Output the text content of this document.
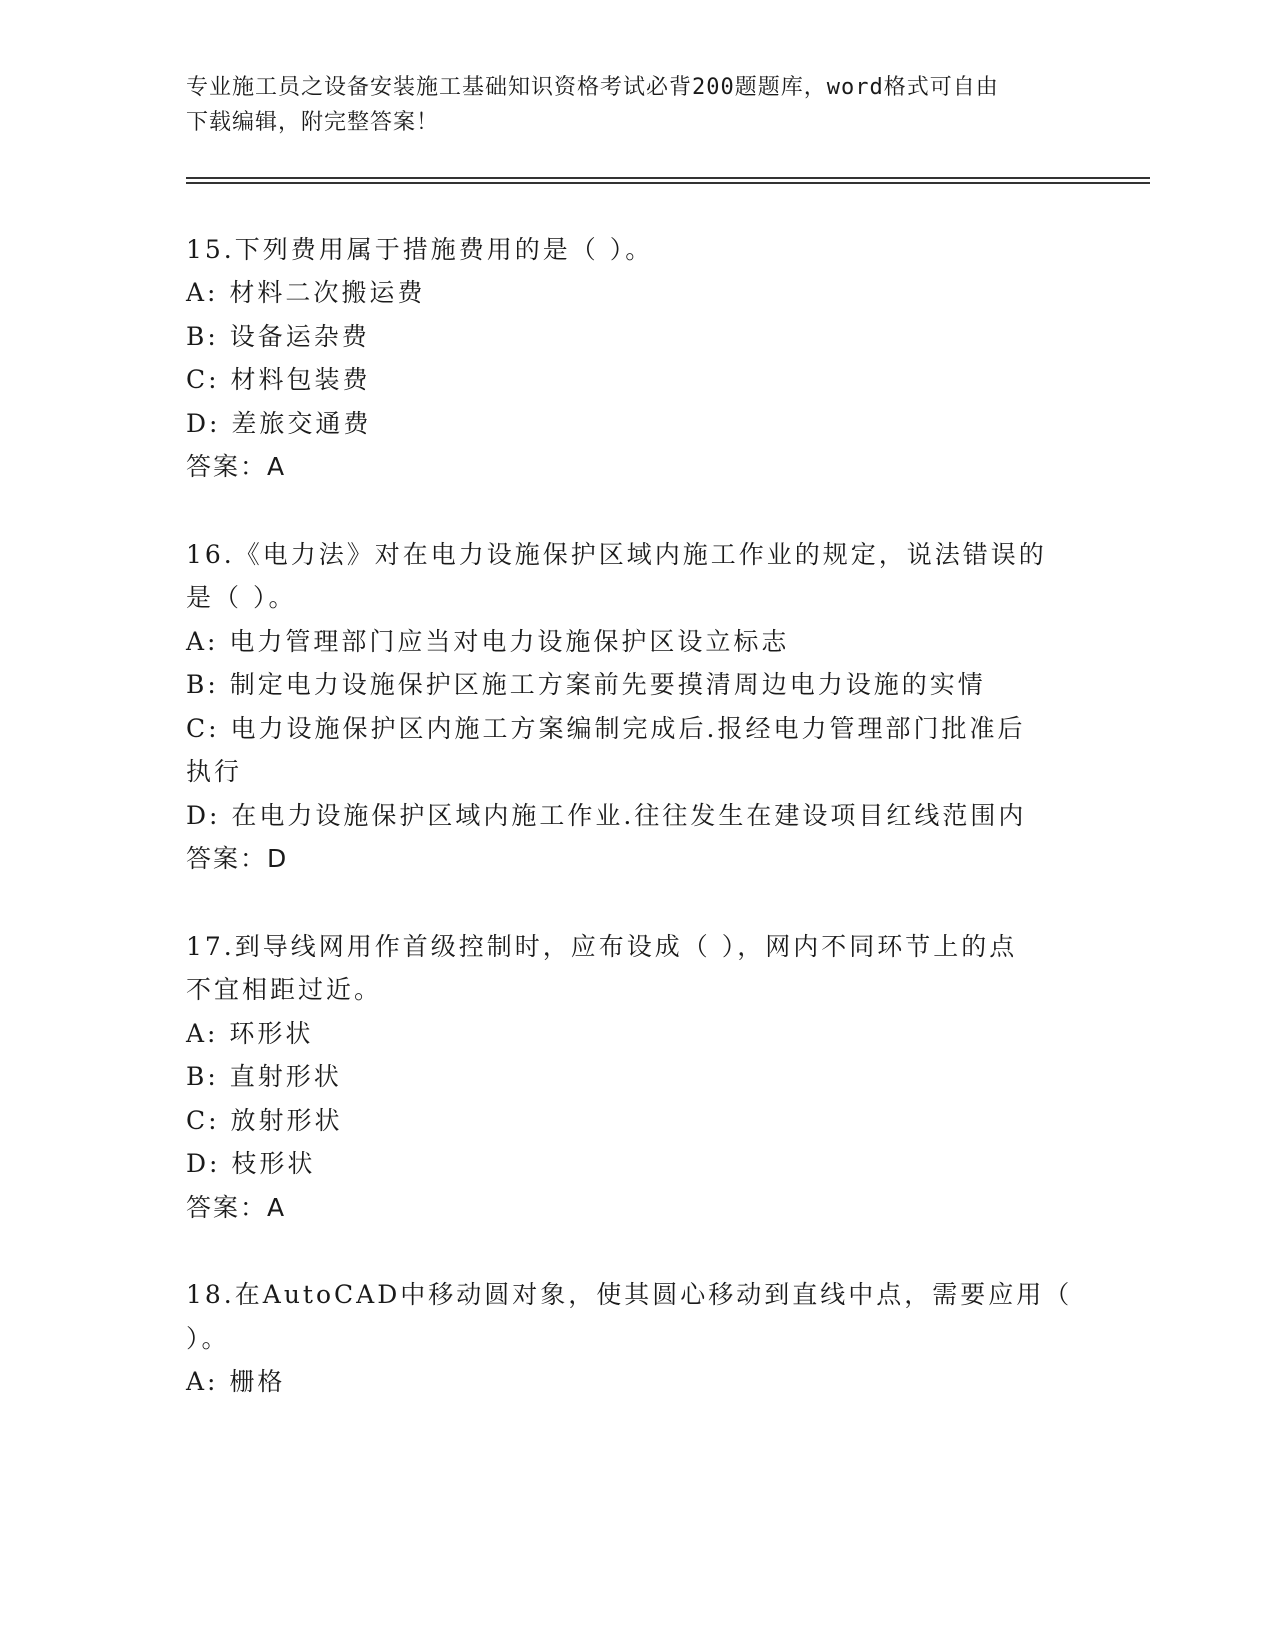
专业施工员之设备安装施工基础知识资格考试必背200题题库，word格式可自由
下载编辑，附完整答案！
15.下列费用属于措施费用的是（ ）。
A: 材料二次搬运费
B: 设备运杂费
C: 材料包装费
D: 差旅交通费
答案：A
16.《电力法》对在电力设施保护区域内施工作业的规定，说法错误的
是（ ）。
A: 电力管理部门应当对电力设施保护区设立标志
B: 制定电力设施保护区施工方案前先要摸清周边电力设施的实情
C: 电力设施保护区内施工方案编制完成后.报经电力管理部门批准后
执行
D: 在电力设施保护区域内施工作业.往往发生在建设项目红线范围内
答案：D
17.到导线网用作首级控制时，应布设成（ ），网内不同环节上的点
不宜相距过近。
A: 环形状
B: 直射形状
C: 放射形状
D: 枝形状
答案：A
18.在AutoCAD中移动圆对象，使其圆心移动到直线中点，需要应用（
）。
A: 栅格
